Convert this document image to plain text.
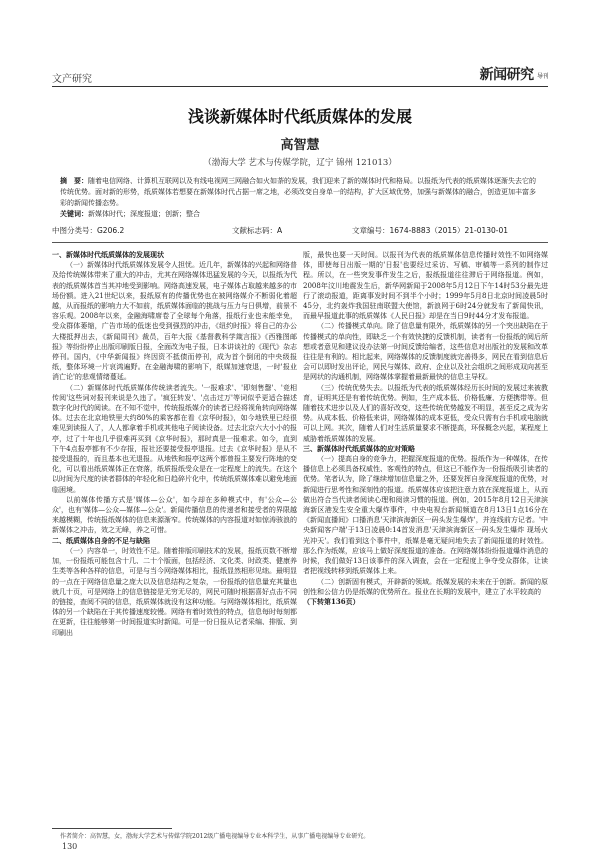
文产研究	新闻研究 导刊
浅谈新媒体时代纸质媒体的发展
高智慧
（渤海大学 艺术与传媒学院，辽宁 锦州 121013）
摘　要：随着电信网络、计算机互联网以及有线电视网三网融合如火如荼的发展，我们迎来了新的媒体时代和格局。以报纸为代表的纸质媒体逐渐失去它的传统优势。面对新的形势，纸质媒体若想要在新媒体时代占据一席之地，必须改变自身单一的结构，扩大区域优势，加强与新媒体的融合，创造更加丰富多彩的新闻传播态势。
关键词：新媒体时代；深度报道；创新；整合
中图分类号：G206.2	文献标志码：A	文章编号：1674-8883（2015）21-0130-01

一、新媒体时代纸质媒体的发展现状

（一）新媒体时代纸质媒体发展令人担忧。近几年，新媒体的兴起和网络普及给传统媒体带来了重大的冲击，尤其在网络媒体迅猛发展的今天，以报纸为代表的纸质媒体首当其冲地受到影响。网络高速发展，电子媒体占取越来越多的市场份额。进入21世纪以来，报纸原有的传播优势也在被网络媒介不断弱化着超越，从而报纸的影响力大不如前，纸质媒体面临的挑战与压力与日俱增，前景不容乐观。2008年以来，金融海啸席卷了全球每个角落，报纸行业也未能幸免，受众群体萎缩，广告市场的低迷也受到强烈的冲击，《纽约时报》将自己的办公大楼抵押出去，《新闻周刊》裁员，百年大报《基督教科学箴言报》《西雅图邮报》等纷纷停止出版印刷版日报，全面改为电子报，日本讲谈社的《现代》杂志停刊。国内，《中华新闻报》终因资不抵债而停刊，成为首个倒闭的中央级报纸，整体环境一片哀鸿遍野。在金融海啸的影响下，纸媒加速衰退，一时'报业消亡论'的悲观情绪蔓延。

（二）新媒体时代纸质媒体传统读者流失。'一报难求'、'即刻售罄'、'竞相传阅'这些词对报刊来说是久违了。'疯狂转发'、'点击过万'等词似乎更适合描述数字化时代的阅读。在不知不觉中，传统报纸媒介的读者已经将视角转向网络媒体。过去在北京地铁里大约80%的乘客都在看《京华时报》，如今地铁里已经很难见到读报人了，人人都拿着手机或其他电子阅读设备。过去北京六大小小的报亭，过了十年也几乎很难再买到《京华时报》，那时真是一报难求。如今，直到下午4点报亭都有不少存报，报社还要接受报亭退报。过去《京华时报》是从不接受退报的，而且基本也无退报。从地铁和报亭这两个都曾报主要发行阵地的变化，可以看出纸质媒体正在衰落，纸质报纸受众是在一定程度上的流失。在这个以时间为尺度的读者群体的年轻化和日趋碎片化中，传统纸质媒体难以避免地面临困境。

以前媒体传播方式是'媒体—公众'，如今却在多种模式中，有'公众—公众'，也有'媒体—公众—媒体—公众'。新闻传播信息的传递者和接受者的界限越来越模糊，传统报纸媒体的信息来源渐窄。传统媒体的内容报道对如惊涛骇浪的新媒体之冲击，效之无峰，养之可惜。

二、纸质媒体自身的不足与缺陷

（一）内容单一，时效性不足。随着排版印刷技术的发展，报纸页数不断增加，一份报纸可能包含十几、二十个版面，包括经济、文化类、时政类、健康养生类等各种各样的信息，可是与当今网络媒体相比，报纸显然相形见绌。最明显的一点在于网络信息量之庞大以及信息结构之复杂，一份报纸的信息量充其量也就几十页，可是网络上的信息链接是无穷无尽的，网民可随时根据喜好点击不同的链接，查阅不同的信息，纸质媒体就没有这种功能。与网络媒体相比，纸质媒体的另一个缺陷在于其传播速度较慢。网络有着时效性的特点，信息每时每刻都在更新，往往能够第一时间报道实时新闻。可是一份日报从记者采编、排版、到印刷出

版，最快也要一天时间。以报刊为代表的纸质媒体信息传播时效性不如网络媒体，即使每日出版一期的'日报'也要经过采访、写稿、审稿等一系列的制作过程。所以，在一些突发事件发生之后，报纸报道往往滞后于网络报道。例如，2008年汶川地震发生后，新华网新闻于2008年5月12日下午14时53分最先进行了滚动报道，距离事发时间不到半个小时；1999年5月8日北京时间凌晨5时45分，北约轰炸我国驻南联盟大使馆，新浪网于6时24分就发布了新闻快讯，而最早报道此事的纸质媒体《人民日报》却是在当日9时44分才发布报道。

（二）传播模式单向。除了信息量有限外，纸质媒体的另一个突出缺陷在于传播模式的单向性，即缺乏一个有效快捷的反馈机制，读者有一份报纸的阅后所想或者意见和建议没办法第一时间反馈给编者，这些信息对出版社的发展和改革往往是有利的。相比起来，网络媒体的反馈制度就完善得多，网民在看到信息后会可以即时发出评论，网民与媒体、政府、企业以及社会组织之间形成双向甚至是网状的沟通机制，网络媒体掌握着最新最快的信息主导权。

（三）传统优势失去。以报纸为代表的纸质媒体经历长时间的发展过来被教育，证明其还是有着传统优势。例如，生产成本低、价格低廉、方便携带等。但随着技术进步以及人们的喜好改变，这些传统优势越发不明显，甚至反之成为劣势。从成本低、价格低来讲，网络媒体的成本更低，受众只需有台手机或电脑就可以上网。其次，随着人们对生活质量要求不断提高，环保概念兴起，某程度上威胁着纸质媒体的发展。

三、新媒体时代纸质媒体的应对策略

（一）提高自身的竞争力，把握深度报道的优势。报纸作为一种媒体，在传播信息上必须具备权威性、客观性的特点，但这已不能作为一份报纸吸引读者的优势。笔者认为，除了继续增加信息量之外，还要发挥自身深度报道的优势，对新闻进行思考性和深刻性的报道。纸质媒体应该把注意力放在深度报道上，从而做出符合当代读者阅读心理和阅读习惯的报道。例如，2015年8月12日天津滨海新区港发生安全重大爆炸事件，中央电视台新闻频道在8月13日1点16分在《新闻直播间》口播消息'天津滨海新区一码头发生爆炸'，并连线前方记者。'中央新闻客户端'于13日凌晨0:14首发消息'天津滨海新区一码头发生爆炸 现场火光冲天'。我们看到这个事件中，纸媒是毫无疑问地失去了新闻报道的时效性。那么作为纸媒，应该马上做好深度报道的准备。在网络媒体纷纷报道爆炸消息的时候，我们做好13日该事件的深入调查，会在一定程度上争夺受众群体，让读者把视线转移到纸质媒体上来。

（二）创新固有模式，开辟新的领域。纸媒发展的未来在于创新。新闻的原创性和公信力仍是纸媒的优势所在。报业在长期的发展中，建立了水平较高的

（下转第136页）
作者简介：高智慧，女，渤海大学艺术与传媒学院2012级广播电视编导专业本科学生，从事广播电视编导专业研究。
130
